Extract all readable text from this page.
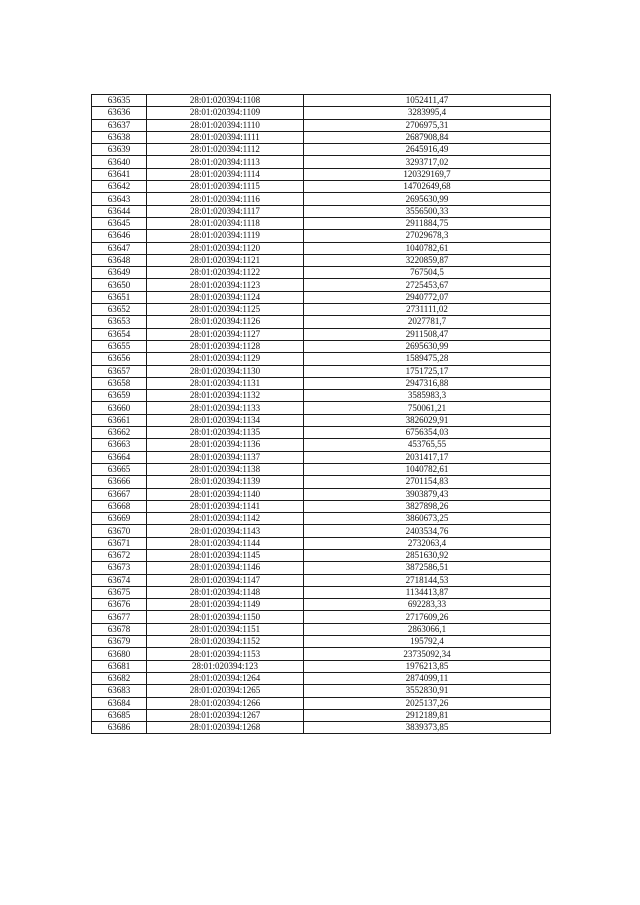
63635	28:01:020394:1108	1052411,47
63636	28:01:020394:1109	3283995,4
63637	28:01:020394:1110	2706975,31
63638	28:01:020394:1111	2687908,84
63639	28:01:020394:1112	2645916,49
63640	28:01:020394:1113	3293717,02
63641	28:01:020394:1114	120329169,7
63642	28:01:020394:1115	14702649,68
63643	28:01:020394:1116	2695630,99
63644	28:01:020394:1117	3556500,33
63645	28:01:020394:1118	2911884,75
63646	28:01:020394:1119	27029678,3
63647	28:01:020394:1120	1040782,61
63648	28:01:020394:1121	3220859,87
63649	28:01:020394:1122	767504,5
63650	28:01:020394:1123	2725453,67
63651	28:01:020394:1124	2940772,07
63652	28:01:020394:1125	2731111,02
63653	28:01:020394:1126	2027781,7
63654	28:01:020394:1127	2911508,47
63655	28:01:020394:1128	2695630,99
63656	28:01:020394:1129	1589475,28
63657	28:01:020394:1130	1751725,17
63658	28:01:020394:1131	2947316,88
63659	28:01:020394:1132	3585983,3
63660	28:01:020394:1133	750061,21
63661	28:01:020394:1134	3826029,91
63662	28:01:020394:1135	6756354,03
63663	28:01:020394:1136	453765,55
63664	28:01:020394:1137	2031417,17
63665	28:01:020394:1138	1040782,61
63666	28:01:020394:1139	2701154,83
63667	28:01:020394:1140	3903879,43
63668	28:01:020394:1141	3827898,26
63669	28:01:020394:1142	3860673,25
63670	28:01:020394:1143	2403534,76
63671	28:01:020394:1144	2732063,4
63672	28:01:020394:1145	2851630,92
63673	28:01:020394:1146	3872586,51
63674	28:01:020394:1147	2718144,53
63675	28:01:020394:1148	1134413,87
63676	28:01:020394:1149	692283,33
63677	28:01:020394:1150	2717609,26
63678	28:01:020394:1151	2863066,1
63679	28:01:020394:1152	195792,4
63680	28:01:020394:1153	23735092,34
63681	28:01:020394:123	1976213,85
63682	28:01:020394:1264	2874099,11
63683	28:01:020394:1265	3552830,91
63684	28:01:020394:1266	2025137,26
63685	28:01:020394:1267	2912189,81
63686	28:01:020394:1268	3839373,85
